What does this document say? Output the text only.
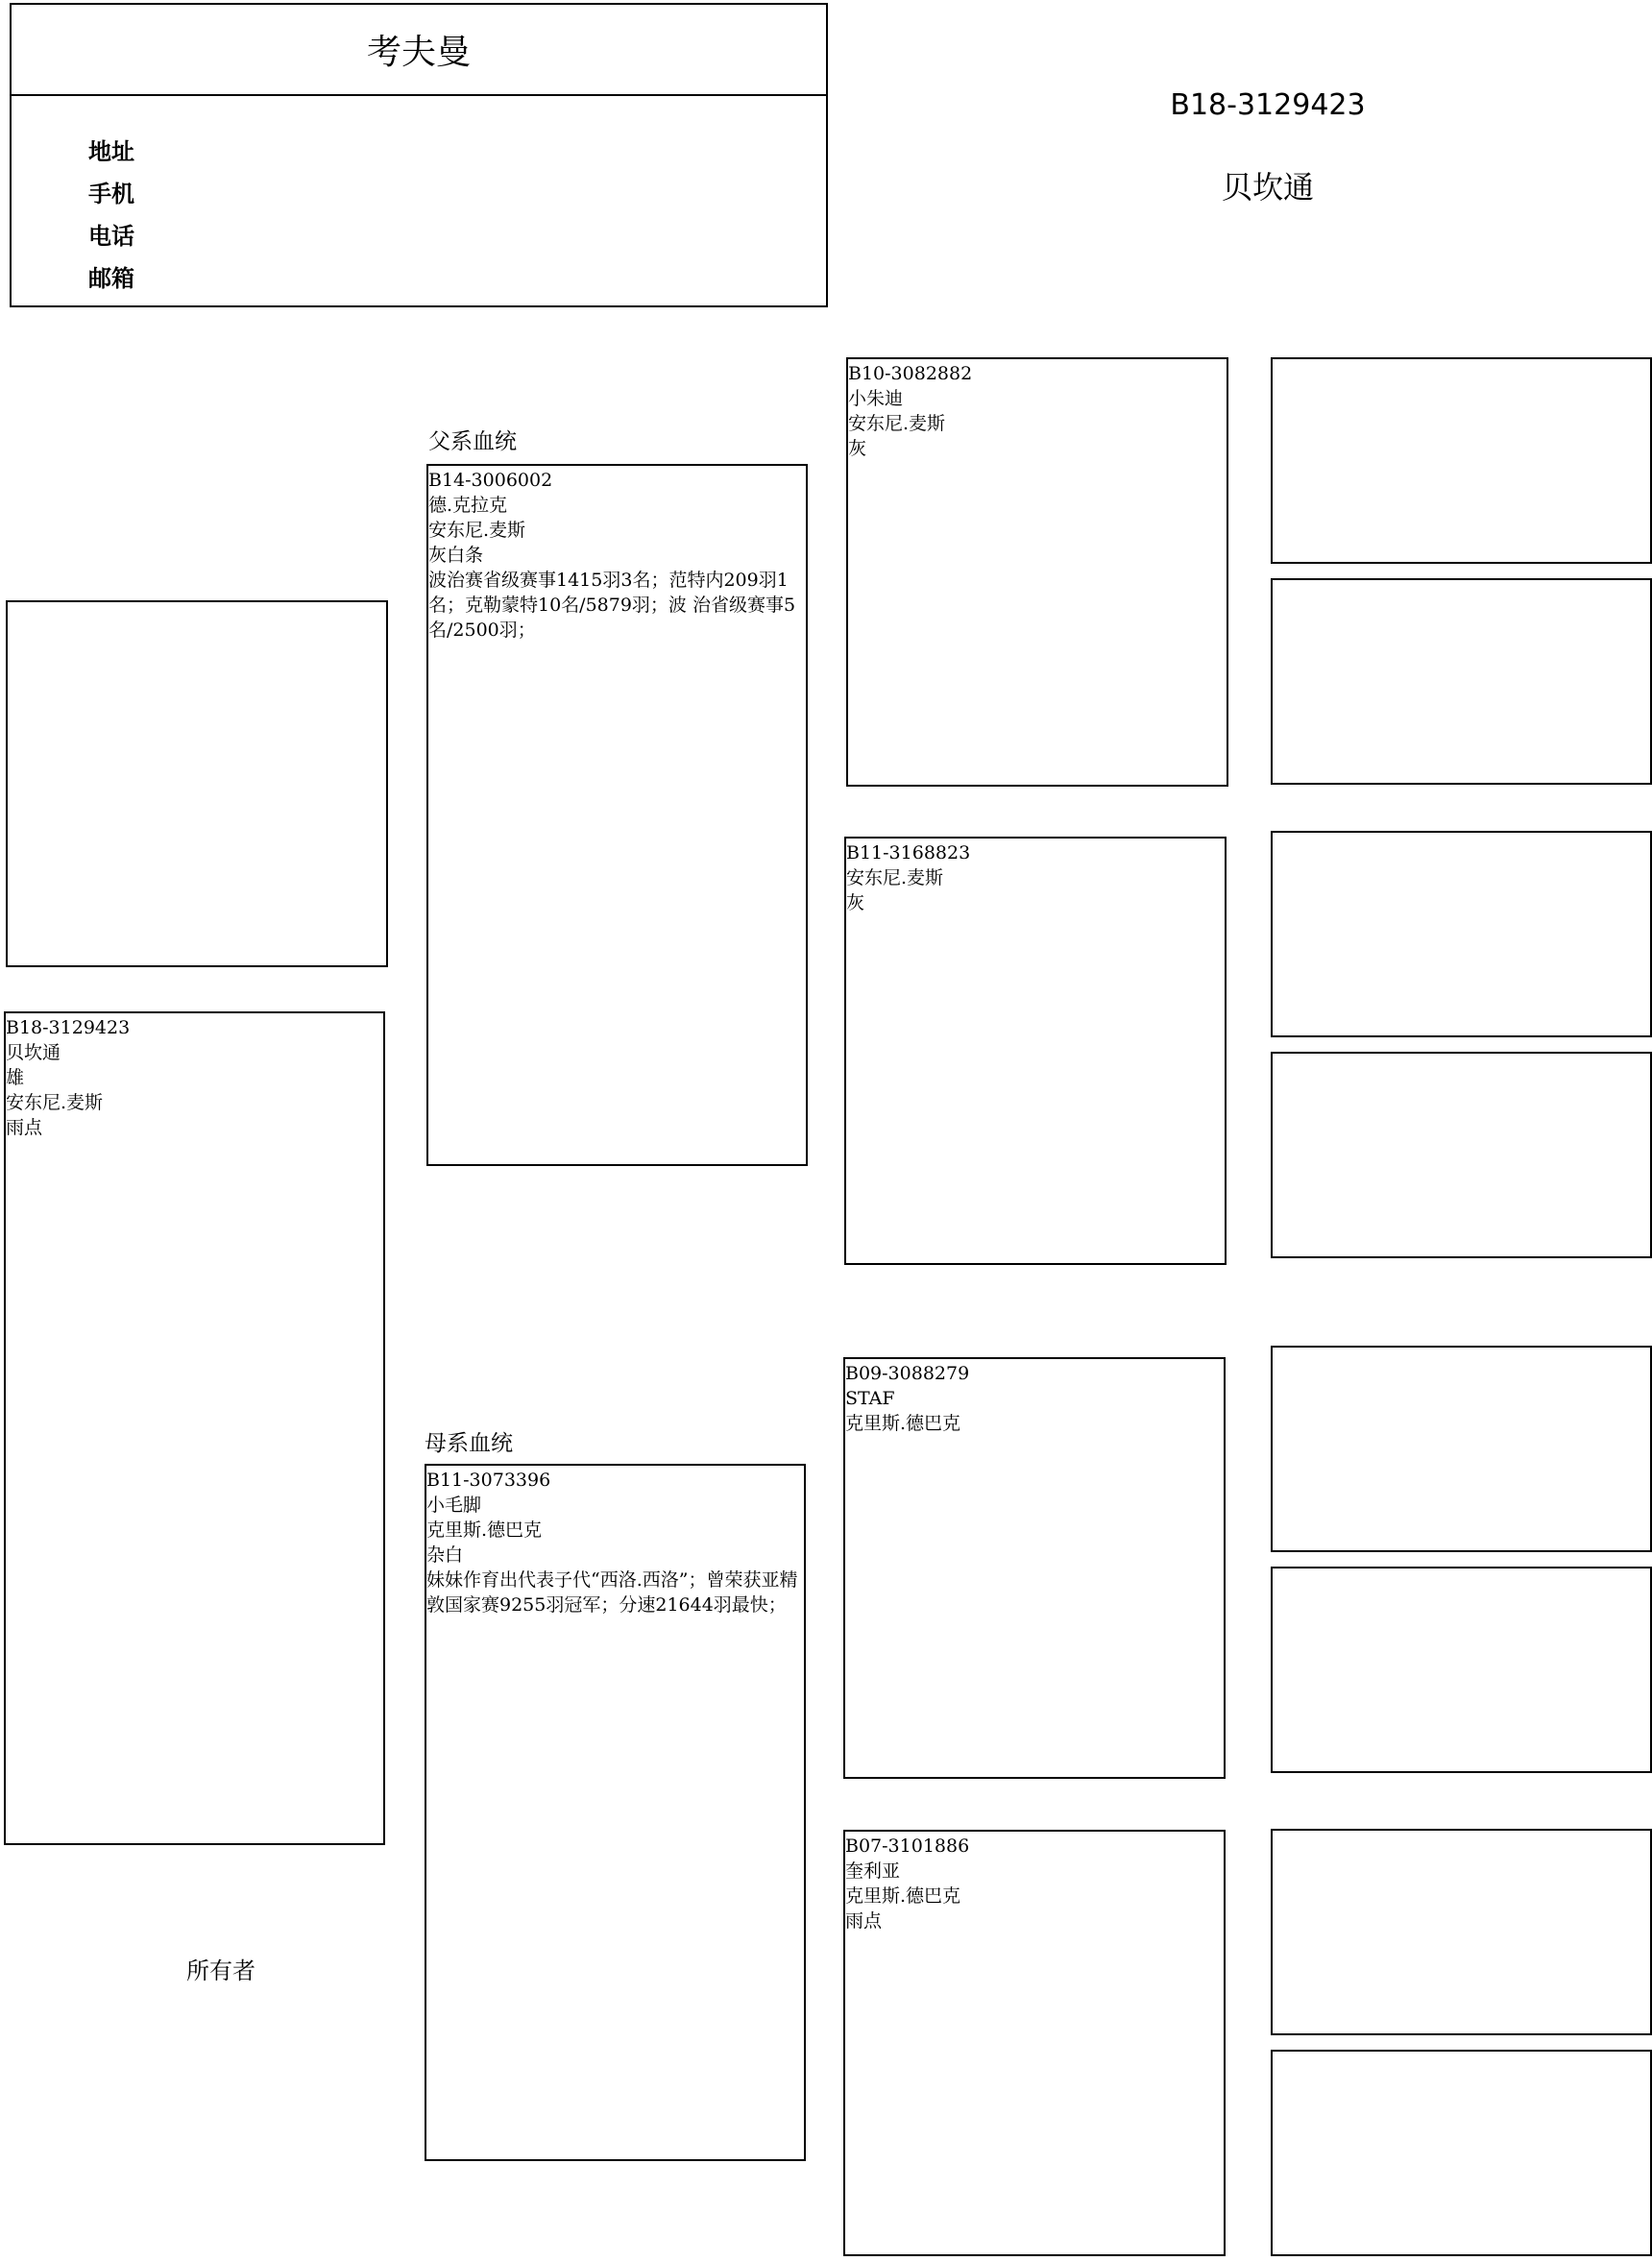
考夫曼
地址
手机
电话
邮箱
B18-3129423
贝坎通
B18-3129423
贝坎通
雄
安东尼.麦斯
雨点
父系血统
B14-3006002
德.克拉克
安东尼.麦斯
灰白条
波治赛省级赛事1415羽3名；范特内209羽1名；克勒蒙特10名/5879羽；波 治省级赛事5名/2500羽；
母系血统
B11-3073396
小毛脚
克里斯.德巴克
杂白
妹妹作育出代表子代“西洛.西洛”；曾荣获亚精敦国家赛9255羽冠军；分速21644羽最快；
B10-3082882
小朱迪
安东尼.麦斯
灰
B11-3168823
安东尼.麦斯
灰
B09-3088279
STAF
克里斯.德巴克
B07-3101886
奎利亚
克里斯.德巴克
雨点
所有者
